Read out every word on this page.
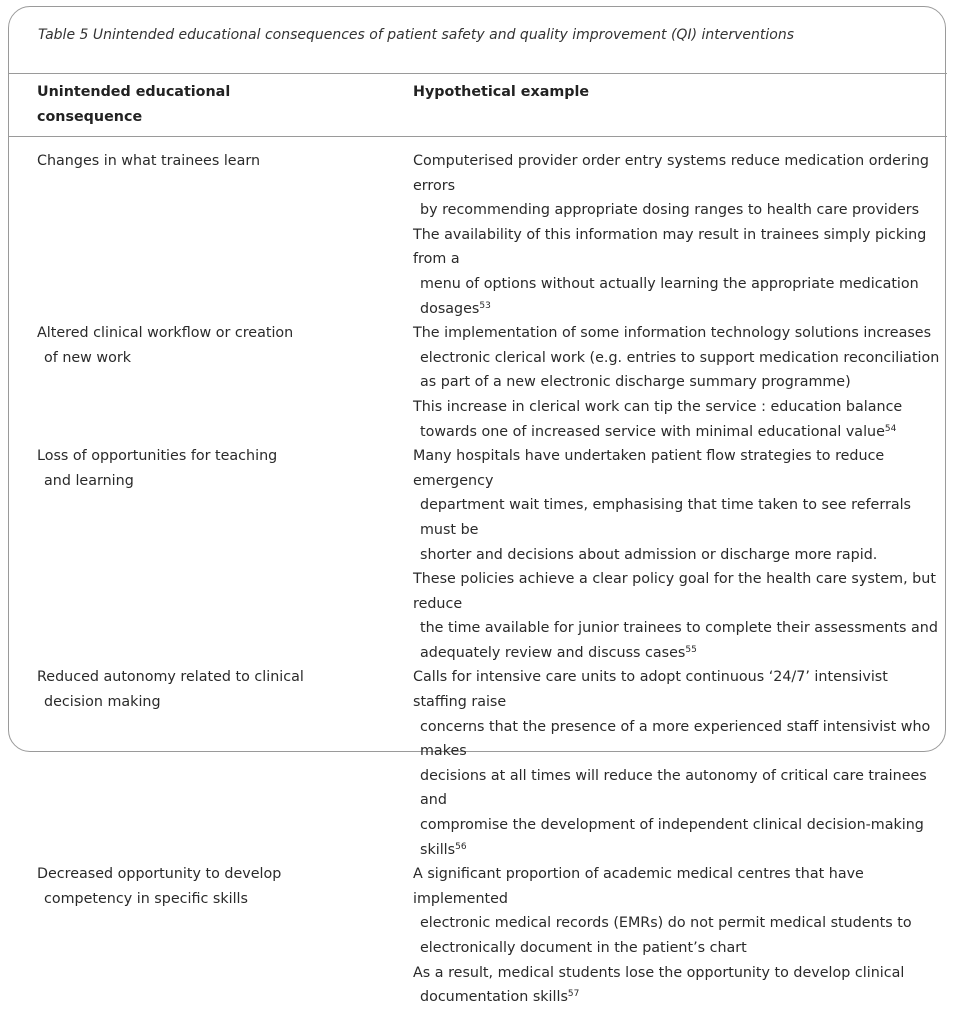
Table 5 Unintended educational consequences of patient safety and quality improvement (QI) interventions
Unintended educational
consequence
Hypothetical example
Changes in what trainees learn	Computerised provider order entry systems reduce medication ordering errors
by recommending appropriate dosing ranges to health care providers
The availability of this information may result in trainees simply picking from a
menu of options without actually learning the appropriate medication dosages$^{53}$
Altered clinical workflow or creation
of new work
The implementation of some information technology solutions increases
electronic clerical work (e.g. entries to support medication reconciliation
as part of a new electronic discharge summary programme)
This increase in clerical work can tip the service : education balance
towards one of increased service with minimal educational value$^{54}$
Loss of opportunities for teaching
and learning
Many hospitals have undertaken patient flow strategies to reduce emergency
department wait times, emphasising that time taken to see referrals must be
shorter and decisions about admission or discharge more rapid.
These policies achieve a clear policy goal for the health care system, but reduce
the time available for junior trainees to complete their assessments and
adequately review and discuss cases$^{55}$
Reduced autonomy related to clinical
decision making
Calls for intensive care units to adopt continuous ‘24/7’ intensivist staffing raise
concerns that the presence of a more experienced staff intensivist who makes
decisions at all times will reduce the autonomy of critical care trainees and
compromise the development of independent clinical decision-making skills$^{56}$
Decreased opportunity to develop
competency in specific skills
A significant proportion of academic medical centres that have implemented
electronic medical records (EMRs) do not permit medical students to
electronically document in the patient’s chart
As a result, medical students lose the opportunity to develop clinical
documentation skills$^{57}$
